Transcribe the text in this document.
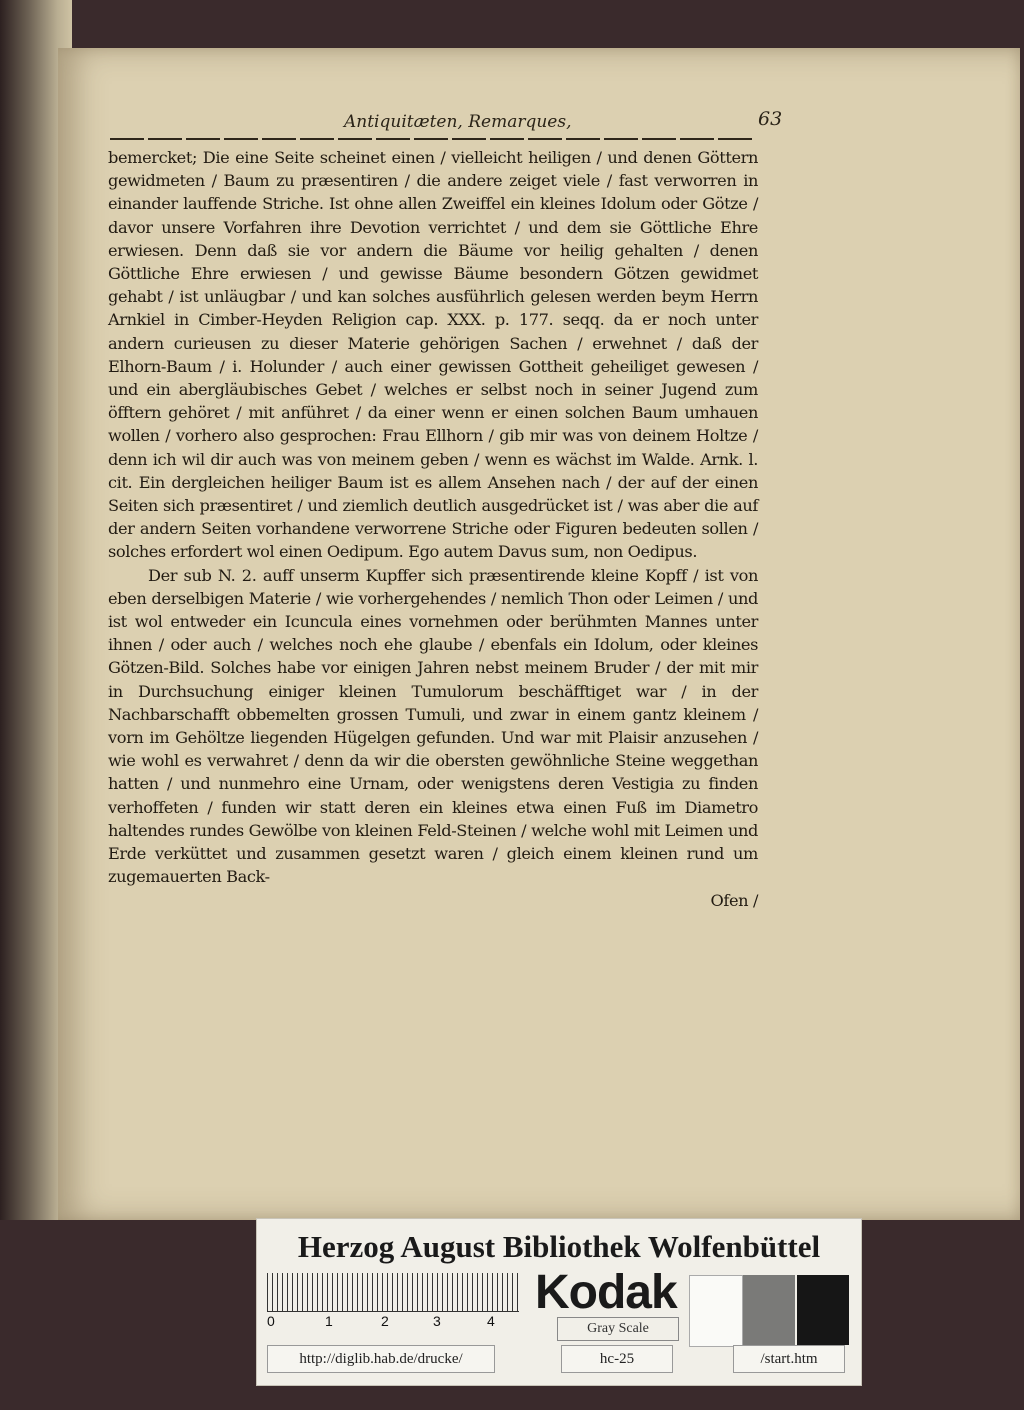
Antiquitæten, Remarques,	63

bemercket; Die eine Seite scheinet einen / vielleicht heiligen / und denen Göttern gewidmeten / Baum zu præsentiren / die andere zeiget viele / fast verworren in einander lauffende Striche. Ist ohne allen Zweiffel ein kleines Idolum oder Götze / davor unsere Vorfahren ihre Devotion verrichtet / und dem sie Göttliche Ehre erwiesen. Denn daß sie vor andern die Bäume vor heilig gehalten / denen Göttliche Ehre erwiesen / und gewisse Bäume besondern Götzen gewidmet gehabt / ist unläugbar / und kan solches ausführlich gelesen werden beym Herrn Arnkiel in Cimber-Heyden Religion cap. XXX. p. 177. seqq. da er noch unter andern curieusen zu dieser Materie gehörigen Sachen / erwehnet / daß der Elhorn-Baum / i. Holunder / auch einer gewissen Gottheit geheiliget gewesen / und ein abergläubisches Gebet / welches er selbst noch in seiner Jugend zum öfftern gehöret / mit anführet / da einer wenn er einen solchen Baum umhauen wollen / vorhero also gesprochen: Frau Ellhorn / gib mir was von deinem Holtze / denn ich wil dir auch was von meinem geben / wenn es wächst im Walde. Arnk. l. cit. Ein dergleichen heiliger Baum ist es allem Ansehen nach / der auf der einen Seiten sich præsentiret / und ziemlich deutlich ausgedrücket ist / was aber die auf der andern Seiten vorhandene verworrene Striche oder Figuren bedeuten sollen / solches erfordert wol einen Oedipum. Ego autem Davus sum, non Oedipus.

Der sub N. 2. auff unserm Kupffer sich præsentirende kleine Kopff / ist von eben derselbigen Materie / wie vorhergehendes / nemlich Thon oder Leimen / und ist wol entweder ein Icuncula eines vornehmen oder berühmten Mannes unter ihnen / oder auch / welches noch ehe glaube / ebenfals ein Idolum, oder kleines Götzen-Bild. Solches habe vor einigen Jahren nebst meinem Bruder / der mit mir in Durchsuchung einiger kleinen Tumulorum beschäfftiget war / in der Nachbarschafft obbemelten grossen Tumuli, und zwar in einem gantz kleinem / vorn im Gehöltze liegenden Hügelgen gefunden. Und war mit Plaisir anzusehen / wie wohl es verwahret / denn da wir die obersten gewöhnliche Steine weggethan hatten / und nunmehro eine Urnam, oder wenigstens deren Vestigia zu finden verhoffeten / funden wir statt deren ein kleines etwa einen Fuß im Diametro haltendes rundes Gewölbe von kleinen Feld-Steinen / welche wohl mit Leimen und Erde verküttet und zusammen gesetzt waren / gleich einem kleinen rund um zugemauerten Back-

Ofen /

Herzog August Bibliothek Wolfenbüttel
0	1	2	3	4
Kodak
Gray Scale
http://diglib.hab.de/drucke/	hc-25	/start.htm
